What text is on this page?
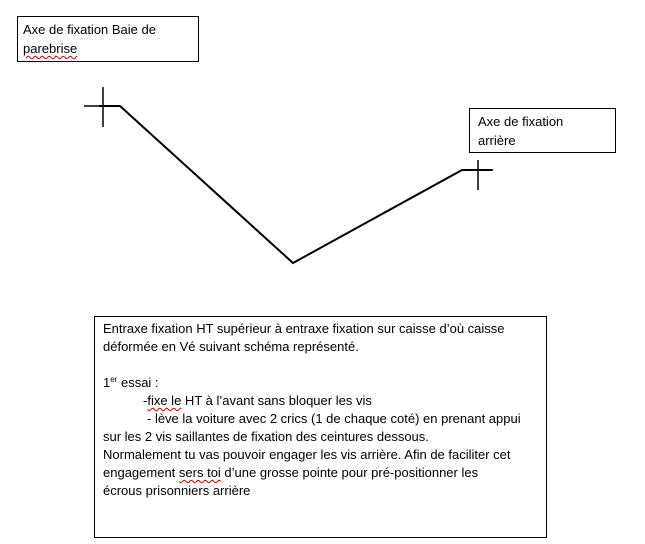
Axe de fixation Baie de
parebrise
Axe de fixation
arrière
Entraxe fixation HT supérieur à entraxe fixation sur caisse d’où caisse
déformée en Vé suivant schéma représenté.
1er essai :
-fixe le HT à l’avant sans bloquer les vis
- lève la voiture avec 2 crics (1 de chaque coté) en prenant appui
sur les 2 vis saillantes de fixation des ceintures dessous.
Normalement tu vas pouvoir engager les vis arrière. Afin de faciliter cet
engagement sers toi d’une grosse pointe pour pré-positionner les
écrous prisonniers arrière
